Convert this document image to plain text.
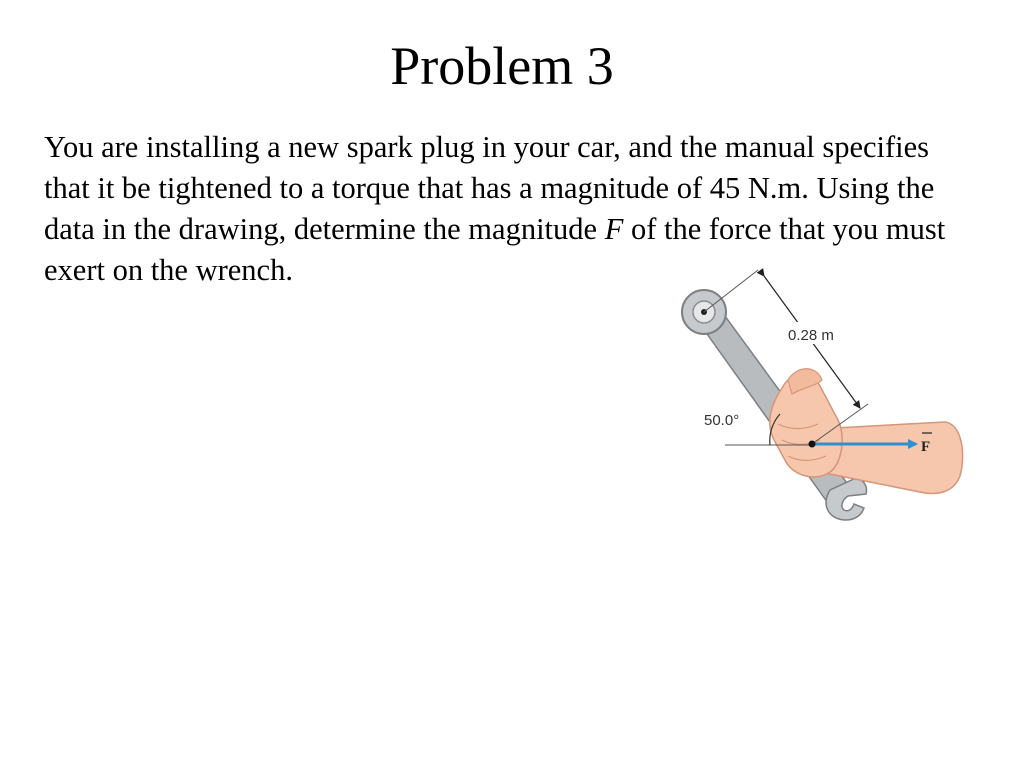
Problem 3

You are installing a new spark plug in your car, and the manual specifies that it be tightened to a torque that has a magnitude of 45 N.m. Using the data in the drawing, determine the magnitude F of the force that you must exert on the wrench.

50.0°
0.28 m
F
